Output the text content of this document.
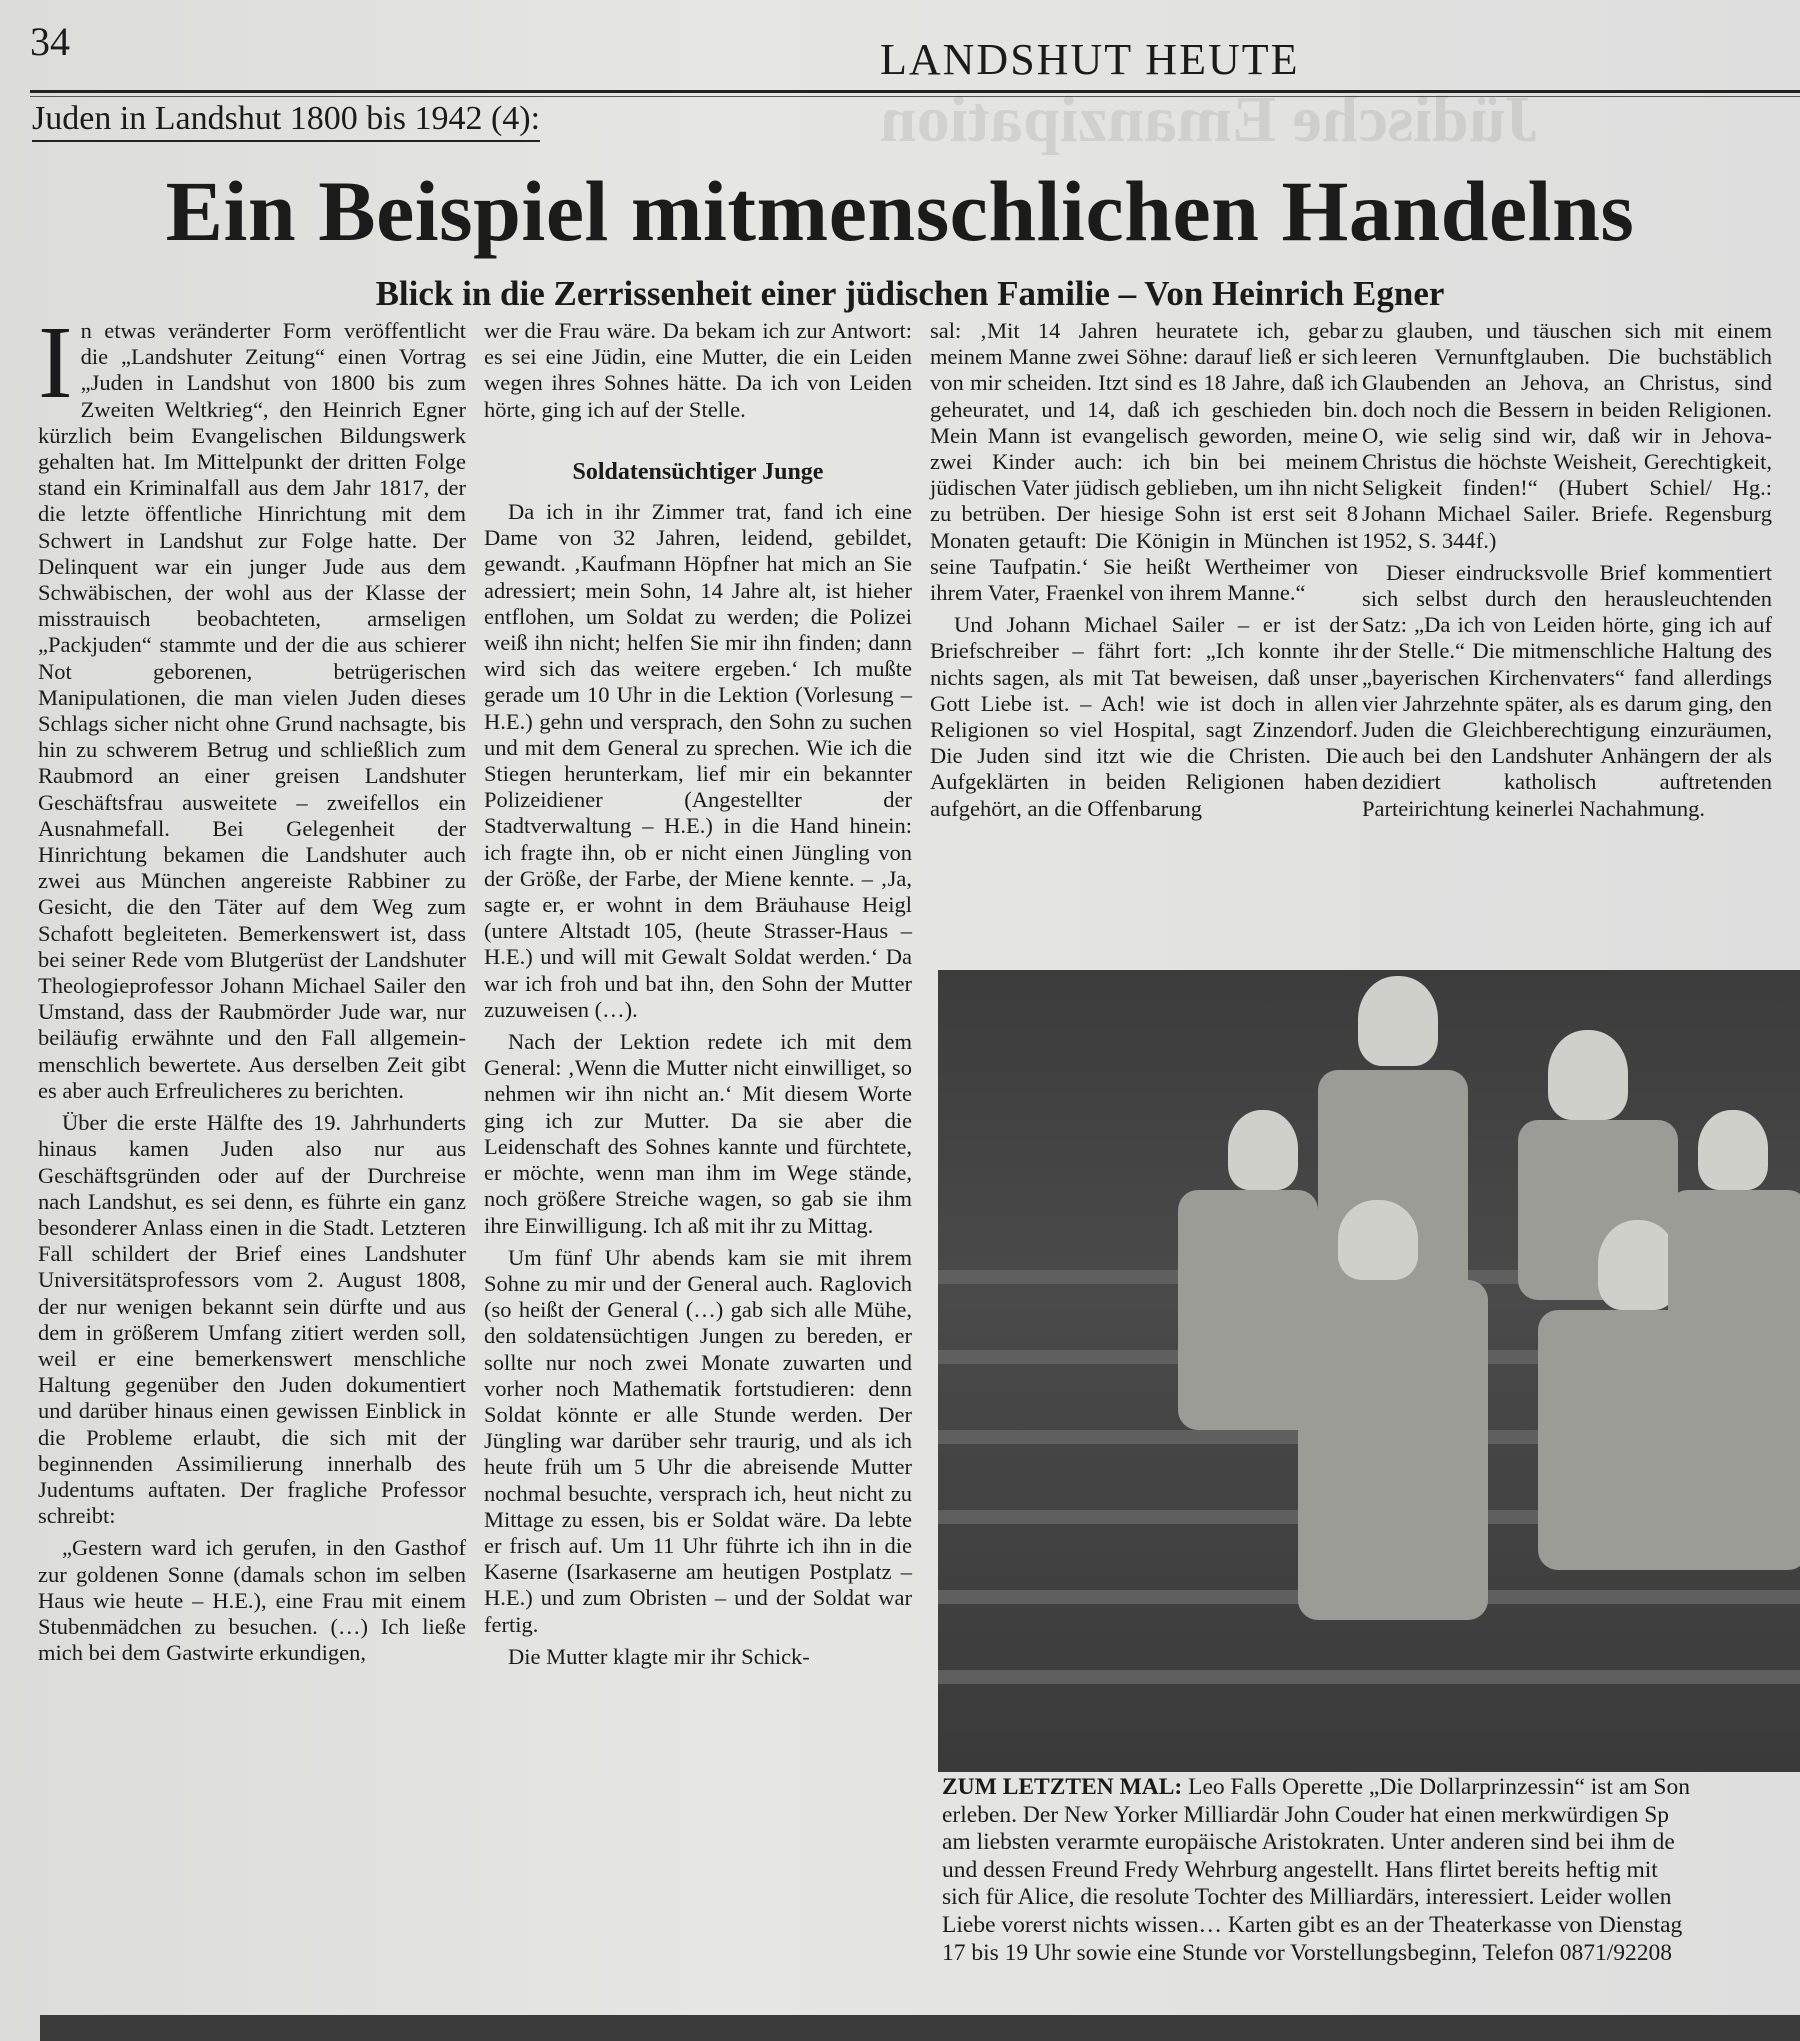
34	LANDSHUT HEUTE
Jüdische Emanzipation
Juden in Landshut 1800 bis 1942 (4):
Ein Beispiel mitmenschlichen Handelns
Blick in die Zerrissenheit einer jüdischen Familie – Von Heinrich Egner
I n etwas veränderter Form veröffentlicht die „Landshuter Zeitung“ einen Vortrag „Juden in Landshut von 1800 bis zum Zweiten Weltkrieg“, den Heinrich Egner kürzlich beim Evangelischen Bildungswerk gehalten hat. Im Mittelpunkt der dritten Folge stand ein Kriminalfall aus dem Jahr 1817, der die letzte öffentliche Hinrichtung mit dem Schwert in Landshut zur Folge hatte. Der Delinquent war ein junger Jude aus dem Schwäbischen, der wohl aus der Klasse der misstrauisch beobachteten, armseligen „Packjuden“ stammte und der die aus schierer Not geborenen, betrügerischen Manipulationen, die man vielen Juden dieses Schlags sicher nicht ohne Grund nachsagte, bis hin zu schwerem Betrug und schließlich zum Raubmord an einer greisen Landshuter Geschäftsfrau ausweitete – zweifellos ein Ausnahmefall. Bei Gelegenheit der Hinrichtung bekamen die Landshuter auch zwei aus München angereiste Rabbiner zu Gesicht, die den Täter auf dem Weg zum Schafott begleiteten. Bemerkenswert ist, dass bei seiner Rede vom Blutgerüst der Landshuter Theologieprofessor Johann Michael Sailer den Umstand, dass der Raubmörder Jude war, nur beiläufig erwähnte und den Fall allgemein-menschlich bewertete. Aus derselben Zeit gibt es aber auch Erfreulicheres zu berichten.

Über die erste Hälfte des 19. Jahrhunderts hinaus kamen Juden also nur aus Geschäftsgründen oder auf der Durchreise nach Landshut, es sei denn, es führte ein ganz besonderer Anlass einen in die Stadt. Letzteren Fall schildert der Brief eines Landshuter Universitätsprofessors vom 2. August 1808, der nur wenigen bekannt sein dürfte und aus dem in größerem Umfang zitiert werden soll, weil er eine bemerkenswert menschliche Haltung gegenüber den Juden dokumentiert und darüber hinaus einen gewissen Einblick in die Probleme erlaubt, die sich mit der beginnenden Assimilierung innerhalb des Judentums auftaten. Der fragliche Professor schreibt:

„Gestern ward ich gerufen, in den Gasthof zur goldenen Sonne (damals schon im selben Haus wie heute – H.E.), eine Frau mit einem Stubenmädchen zu besuchen. (…) Ich ließe mich bei dem Gastwirte erkundigen,

wer die Frau wäre. Da bekam ich zur Antwort: es sei eine Jüdin, eine Mutter, die ein Leiden wegen ihres Sohnes hätte. Da ich von Leiden hörte, ging ich auf der Stelle.

Soldatensüchtiger Junge

Da ich in ihr Zimmer trat, fand ich eine Dame von 32 Jahren, leidend, gebildet, gewandt. ‚Kaufmann Höpfner hat mich an Sie adressiert; mein Sohn, 14 Jahre alt, ist hieher entflohen, um Soldat zu werden; die Polizei weiß ihn nicht; helfen Sie mir ihn finden; dann wird sich das weitere ergeben.‘ Ich mußte gerade um 10 Uhr in die Lektion (Vorlesung – H.E.) gehn und versprach, den Sohn zu suchen und mit dem General zu sprechen. Wie ich die Stiegen herunterkam, lief mir ein bekannter Polizeidiener (Angestellter der Stadtverwaltung – H.E.) in die Hand hinein: ich fragte ihn, ob er nicht einen Jüngling von der Größe, der Farbe, der Miene kennte. – ‚Ja, sagte er, er wohnt in dem Bräuhause Heigl (untere Altstadt 105, (heute Strasser-Haus – H.E.) und will mit Gewalt Soldat werden.‘ Da war ich froh und bat ihn, den Sohn der Mutter zuzuweisen (…).

Nach der Lektion redete ich mit dem General: ‚Wenn die Mutter nicht einwilliget, so nehmen wir ihn nicht an.‘ Mit diesem Worte ging ich zur Mutter. Da sie aber die Leidenschaft des Sohnes kannte und fürchtete, er möchte, wenn man ihm im Wege stände, noch größere Streiche wagen, so gab sie ihm ihre Einwilligung. Ich aß mit ihr zu Mittag.

Um fünf Uhr abends kam sie mit ihrem Sohne zu mir und der General auch. Raglovich (so heißt der General (…) gab sich alle Mühe, den soldatensüchtigen Jungen zu bereden, er sollte nur noch zwei Monate zuwarten und vorher noch Mathematik fortstudieren: denn Soldat könnte er alle Stunde werden. Der Jüngling war darüber sehr traurig, und als ich heute früh um 5 Uhr die abreisende Mutter nochmal besuchte, versprach ich, heut nicht zu Mittage zu essen, bis er Soldat wäre. Da lebte er frisch auf. Um 11 Uhr führte ich ihn in die Kaserne (Isarkaserne am heutigen Postplatz – H.E.) und zum Obristen – und der Soldat war fertig.

Die Mutter klagte mir ihr Schick-

sal: ‚Mit 14 Jahren heuratete ich, gebar meinem Manne zwei Söhne: darauf ließ er sich von mir scheiden. Itzt sind es 18 Jahre, daß ich geheuratet, und 14, daß ich geschieden bin. Mein Mann ist evangelisch geworden, meine zwei Kinder auch: ich bin bei meinem jüdischen Vater jüdisch geblieben, um ihn nicht zu betrüben. Der hiesige Sohn ist erst seit 8 Monaten getauft: Die Königin in München ist seine Taufpatin.‘ Sie heißt Wertheimer von ihrem Vater, Fraenkel von ihrem Manne.“

Und Johann Michael Sailer – er ist der Briefschreiber – fährt fort: „Ich konnte ihr nichts sagen, als mit Tat beweisen, daß unser Gott Liebe ist. – Ach! wie ist doch in allen Religionen so viel Hospital, sagt Zinzendorf. Die Juden sind itzt wie die Christen. Die Aufgeklärten in beiden Religionen haben aufgehört, an die Offenbarung

zu glauben, und täuschen sich mit einem leeren Vernunftglauben. Die buchstäblich Glaubenden an Jehova, an Christus, sind doch noch die Bessern in beiden Religionen. O, wie selig sind wir, daß wir in Jehova-Christus die höchste Weisheit, Gerechtigkeit, Seligkeit finden!“ (Hubert Schiel/ Hg.: Johann Michael Sailer. Briefe. Regensburg 1952, S. 344f.)

Dieser eindrucksvolle Brief kommentiert sich selbst durch den herausleuchtenden Satz: „Da ich von Leiden hörte, ging ich auf der Stelle.“ Die mitmenschliche Haltung des „bayerischen Kirchenvaters“ fand allerdings vier Jahrzehnte später, als es darum ging, den Juden die Gleichberechtigung einzuräumen, auch bei den Landshuter Anhängern der als dezidiert katholisch auftretenden Parteirichtung keinerlei Nachahmung.

ZUM LETZTEN MAL: Leo Falls Operette „Die Dollarprinzessin“ ist am Son
erleben. Der New Yorker Milliardär John Couder hat einen merkwürdigen Sp
am liebsten verarmte europäische Aristokraten. Unter anderen sind bei ihm de
und dessen Freund Fredy Wehrburg angestellt. Hans flirtet bereits heftig mit
sich für Alice, die resolute Tochter des Milliardärs, interessiert. Leider wollen
Liebe vorerst nichts wissen… Karten gibt es an der Theaterkasse von Dienstag
17 bis 19 Uhr sowie eine Stunde vor Vorstellungsbeginn, Telefon 0871/92208
